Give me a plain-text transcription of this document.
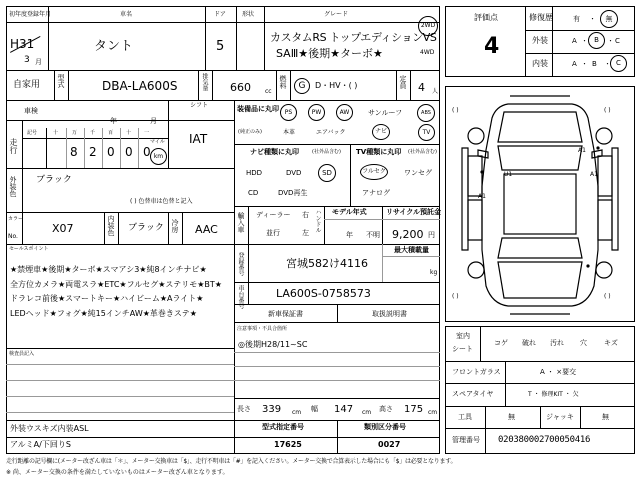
初年度登録年月	車名	ドア	形状	グレード
H31
3 月
タント	5
カスタムRS トップエディションVS
SAⅢ★後期★ターボ★
2WD
4WD
自家用 型式	DBA-LA600S	排気量 660 cc
燃料	G	D・HV・( )	定員 4 人
評価点
4
修復歴	有 ・	無
外装	A ・ B	・ C
内装	A ・ B ・ C
車検
年	月
走行
記号	十	万	千	百	十	一
8 2 0 0 0
マイル
km
シフト
IAT
外装色 ブラック
( ) 色替車は色替と記入
カラー
No.
X07	内装色 ブラック 冷房 AAC
装備品に丸印
(純正のみ)
PS	PW	AW	サンルーフ	ABS
本革	エアバック	ナビ	TV
ナビ種類に丸印	(社外品含む)
HDD	DVD	SD
CD	DVD再生
TV種類に丸印 (社外品含む)
フルセグ	ワンセグ
アナログ
輸入車 ディーラー
並行
右
左 ハンドル モデル年式
年 不明
リサイクル預託金
9,200 円
登録番号	宮城582け4116
最大積載量
kg
車台番号	LA600S-0758573
セールスポイント
★禁煙車★後期★ターボ★スマアシ3★純8インチナビ★
全方位カメラ★両電スラ★ETC★フルセグ★ステリモ★BT★
ドラレコ前後★スマートキー★ハイビーム★Aライト★
LEDヘッド★フォグ★純15インチAW★革巻きステ★
検査員記入
外装ウスキズ内装ASL
アルミA/下回りS
新車保証書	取扱説明書
注意事項・不具合箇所
◎後期H28/11~SC
長さ 339 cm 幅 147 cm 高さ 175 cm
型式指定番号
17625
類別区分番号
0027
室内
シート
コゲ 破れ 汚れ 穴 キズ
フロントガラス	A ・ ×要交
スペアタイヤ	T ・ 修理KIT ・ 欠
工具	無	ジャッキ	無
管理番号 020380002700050416
A1
U1	A1
A1
( )	( )
( )	( )
走行距離の記号欄に(メーター改ざん車は「＊」、メーター交換車は「$」、走行不明車は「#」を記入ください。メーター交換で合算表示した場合にも「$」は必要となります。
※ 尚、メーター交換の条件を満たしていないものはメーター改ざん車となります。
